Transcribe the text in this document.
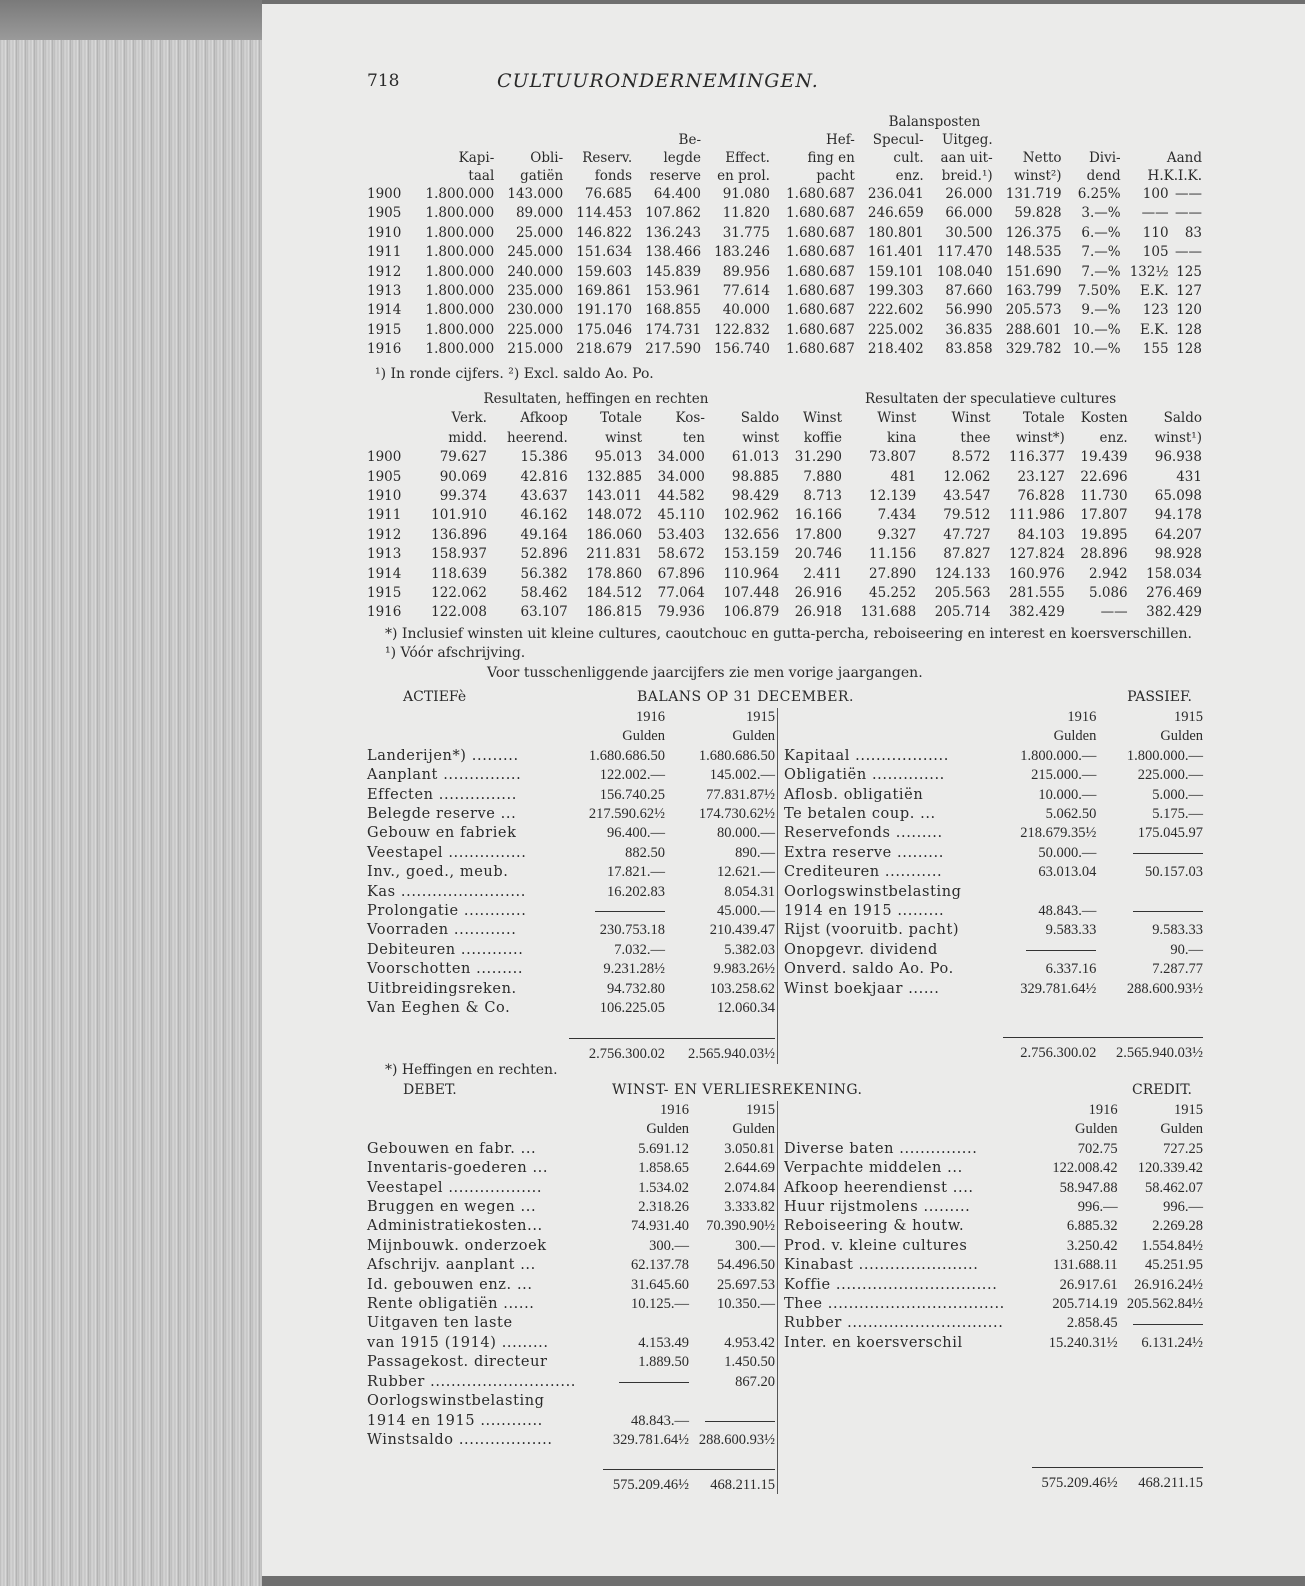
718	CULTUURONDERNEMINGEN.
Balansposten												
				Be-		Hef-	Specul-	Uitgeg.				
	Kapi-	Obli-	Reserv.	legde	Effect.	fing en	cult.	aan uit-	Netto	Divi-	Aand	
	taal	gatiën	fonds	reserve	en prol.	pacht	enz.	breid.¹)	winst²)	dend	H.K.I.K.	
1900	1.800.000	143.000	76.685	64.400	91.080	1.680.687	236.041	26.000	131.719	6.25%	100	——
1905	1.800.000	89.000	114.453	107.862	11.820	1.680.687	246.659	66.000	59.828	3.—%	——	——
1910	1.800.000	25.000	146.822	136.243	31.775	1.680.687	180.801	30.500	126.375	6.—%	110	83
1911	1.800.000	245.000	151.634	138.466	183.246	1.680.687	161.401	117.470	148.535	7.—%	105	——
1912	1.800.000	240.000	159.603	145.839	89.956	1.680.687	159.101	108.040	151.690	7.—%	132½	125
1913	1.800.000	235.000	169.861	153.961	77.614	1.680.687	199.303	87.660	163.799	7.50%	E.K.	127
1914	1.800.000	230.000	191.170	168.855	40.000	1.680.687	222.602	56.990	205.573	9.—%	123	120
1915	1.800.000	225.000	175.046	174.731	122.832	1.680.687	225.002	36.835	288.601	10.—%	E.K.	128
1916	1.800.000	215.000	218.679	217.590	156.740	1.680.687	218.402	83.858	329.782	10.—%	155	128
¹) In ronde cijfers. ²) Excl. saldo Ao. Po.
	Resultaten, heffingen en rechten					Resultaten der speculatieve cultures					
	Verk.	Afkoop	Totale	Kos-	Saldo	Winst	Winst	Winst	Totale	Kosten	Saldo
	midd.	heerend.	winst	ten	winst	koffie	kina	thee	winst*)	enz.	winst¹)
1900	79.627	15.386	95.013	34.000	61.013	31.290	73.807	8.572	116.377	19.439	96.938
1905	90.069	42.816	132.885	34.000	98.885	7.880	481	12.062	23.127	22.696	431
1910	99.374	43.637	143.011	44.582	98.429	8.713	12.139	43.547	76.828	11.730	65.098
1911	101.910	46.162	148.072	45.110	102.962	16.166	7.434	79.512	111.986	17.807	94.178
1912	136.896	49.164	186.060	53.403	132.656	17.800	9.327	47.727	84.103	19.895	64.207
1913	158.937	52.896	211.831	58.672	153.159	20.746	11.156	87.827	127.824	28.896	98.928
1914	118.639	56.382	178.860	67.896	110.964	2.411	27.890	124.133	160.976	2.942	158.034
1915	122.062	58.462	184.512	77.064	107.448	26.916	45.252	205.563	281.555	5.086	276.469
1916	122.008	63.107	186.815	79.936	106.879	26.918	131.688	205.714	382.429	——	382.429
*) Inclusief winsten uit kleine cultures, caoutchouc en gutta-percha, reboiseering en interest en koersverschillen. ¹) Vóór afschrijving.
Voor tusschenliggende jaarcijfers zie men vorige jaargangen.
ACTIEFè	BALANS OP 31 DECEMBER.	PASSIEF.
	1916	1915
	Gulden	Gulden
Landerijen*) .........	1.680.686.50	1.680.686.50
Aanplant ...............	122.002.—	145.002.—
Effecten ...............	156.740.25	77.831.87½
Belegde reserve ...	217.590.62½	174.730.62½
Gebouw en fabriek	96.400.—	80.000.—
Veestapel ...............	882.50	890.—
Inv., goed., meub.	17.821.—	12.621.—
Kas ........................	16.202.83	8.054.31
Prolongatie ............		45.000.—
Voorraden ............	230.753.18	210.439.47
Debiteuren ............	7.032.—	5.382.03
Voorschotten .........	9.231.28½	9.983.26½
Uitbreidingsreken.	94.732.80	103.258.62
Van Eeghen & Co.	106.225.05	12.060.34

	2.756.300.02	2.565.940.03½
	1916	1915
	Gulden	Gulden
Kapitaal ..................	1.800.000.—	1.800.000.—
Obligatiën ..............	215.000.—	225.000.—
Aflosb. obligatiën	10.000.—	5.000.—
Te betalen coup. ...	5.062.50	5.175.—
Reservefonds .........	218.679.35½	175.045.97
Extra reserve .........	50.000.—	
Crediteuren ...........	63.013.04	50.157.03
Oorlogswinstbelasting		
1914 en 1915 .........	48.843.—	
Rijst (vooruitb. pacht)	9.583.33	9.583.33
Onopgevr. dividend		90.—
Onverd. saldo Ao. Po.	6.337.16	7.287.77
Winst boekjaar ......	329.781.64½	288.600.93½

	2.756.300.02	2.565.940.03½
*) Heffingen en rechten.
DEBET.	WINST- EN VERLIESREKENING.	CREDIT.
	1916	1915
	Gulden	Gulden
Gebouwen en fabr. ...	5.691.12	3.050.81
Inventaris-goederen ...	1.858.65	2.644.69
Veestapel ..................	1.534.02	2.074.84
Bruggen en wegen ...	2.318.26	3.333.82
Administratiekosten...	74.931.40	70.390.90½
Mijnbouwk. onderzoek	300.—	300.—
Afschrijv. aanplant ...	62.137.78	54.496.50
Id. gebouwen enz. ...	31.645.60	25.697.53
Rente obligatiën ......	10.125.—	10.350.—
Uitgaven ten laste		
van 1915 (1914) .........	4.153.49	4.953.42
Passagekost. directeur	1.889.50	1.450.50
Rubber ............................		867.20
Oorlogswinstbelasting		
1914 en 1915 ............	48.843.—	
Winstsaldo ..................	329.781.64½	288.600.93½

	575.209.46½	468.211.15
	1916	1915
	Gulden	Gulden
Diverse baten ...............	702.75	727.25
Verpachte middelen ...	122.008.42	120.339.42
Afkoop heerendienst ....	58.947.88	58.462.07
Huur rijstmolens .........	996.—	996.—
Reboiseering & houtw.	6.885.32	2.269.28
Prod. v. kleine cultures	3.250.42	1.554.84½
Kinabast .......................	131.688.11	45.251.95
Koffie ...............................	26.917.61	26.916.24½
Thee ..................................	205.714.19	205.562.84½
Rubber ..............................	2.858.45	
Inter. en koersverschil	15.240.31½	6.131.24½

	575.209.46½	468.211.15
